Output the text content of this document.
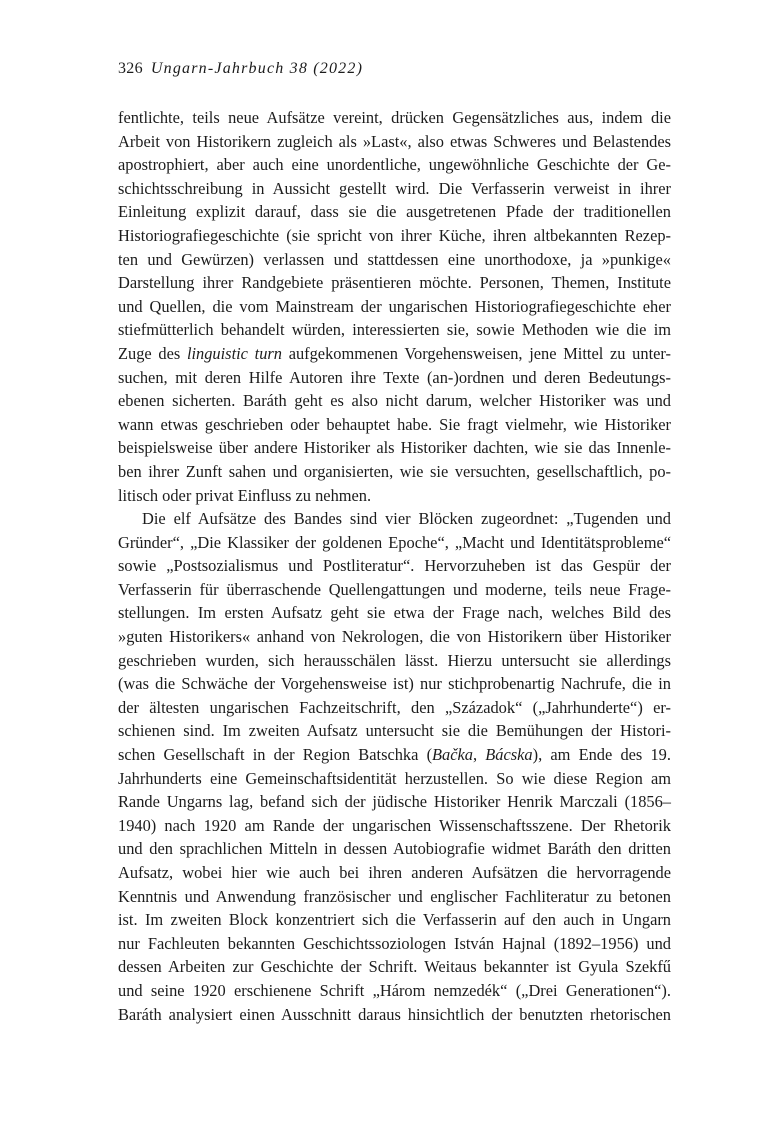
326 Ungarn-Jahrbuch 38 (2022)
fentlichte, teils neue Aufsätze vereint, drücken Gegensätzliches aus, indem die
Arbeit von Historikern zugleich als »Last«, also etwas Schweres und Belastendes
apostrophiert, aber auch eine unordentliche, ungewöhnliche Geschichte der Ge-
schichtsschreibung in Aussicht gestellt wird. Die Verfasserin verweist in ihrer
Einleitung explizit darauf, dass sie die ausgetretenen Pfade der traditionellen
Historiografiegeschichte (sie spricht von ihrer Küche, ihren altbekannten Rezep-
ten und Gewürzen) verlassen und stattdessen eine unorthodoxe, ja »punkige«
Darstellung ihrer Randgebiete präsentieren möchte. Personen, Themen, Institute
und Quellen, die vom Mainstream der ungarischen Historiografiegeschichte eher
stiefmütterlich behandelt würden, interessierten sie, sowie Methoden wie die im
Zuge des linguistic turn aufgekommenen Vorgehensweisen, jene Mittel zu unter-
suchen, mit deren Hilfe Autoren ihre Texte (an-)ordnen und deren Bedeutungs-
ebenen sicherten. Baráth geht es also nicht darum, welcher Historiker was und
wann etwas geschrieben oder behauptet habe. Sie fragt vielmehr, wie Historiker
beispielsweise über andere Historiker als Historiker dachten, wie sie das Innenle-
ben ihrer Zunft sahen und organisierten, wie sie versuchten, gesellschaftlich, po-
litisch oder privat Einfluss zu nehmen.
Die elf Aufsätze des Bandes sind vier Blöcken zugeordnet: „Tugenden und
Gründer“, „Die Klassiker der goldenen Epoche“, „Macht und Identitätsprobleme“
sowie „Postsozialismus und Postliteratur“. Hervorzuheben ist das Gespür der
Verfasserin für überraschende Quellengattungen und moderne, teils neue Frage-
stellungen. Im ersten Aufsatz geht sie etwa der Frage nach, welches Bild des
»guten Historikers« anhand von Nekrologen, die von Historikern über Historiker
geschrieben wurden, sich herausschälen lässt. Hierzu untersucht sie allerdings
(was die Schwäche der Vorgehensweise ist) nur stichprobenartig Nachrufe, die in
der ältesten ungarischen Fachzeitschrift, den „Századok“ („Jahrhunderte“) er-
schienen sind. Im zweiten Aufsatz untersucht sie die Bemühungen der Histori-
schen Gesellschaft in der Region Batschka (Bačka, Bácska), am Ende des 19.
Jahrhunderts eine Gemeinschaftsidentität herzustellen. So wie diese Region am
Rande Ungarns lag, befand sich der jüdische Historiker Henrik Marczali (1856–
1940) nach 1920 am Rande der ungarischen Wissenschaftsszene. Der Rhetorik
und den sprachlichen Mitteln in dessen Autobiografie widmet Baráth den dritten
Aufsatz, wobei hier wie auch bei ihren anderen Aufsätzen die hervorragende
Kenntnis und Anwendung französischer und englischer Fachliteratur zu betonen
ist. Im zweiten Block konzentriert sich die Verfasserin auf den auch in Ungarn
nur Fachleuten bekannten Geschichtssoziologen István Hajnal (1892–1956) und
dessen Arbeiten zur Geschichte der Schrift. Weitaus bekannter ist Gyula Szekfű
und seine 1920 erschienene Schrift „Három nemzedék“ („Drei Generationen“).
Baráth analysiert einen Ausschnitt daraus hinsichtlich der benutzten rhetorischen
